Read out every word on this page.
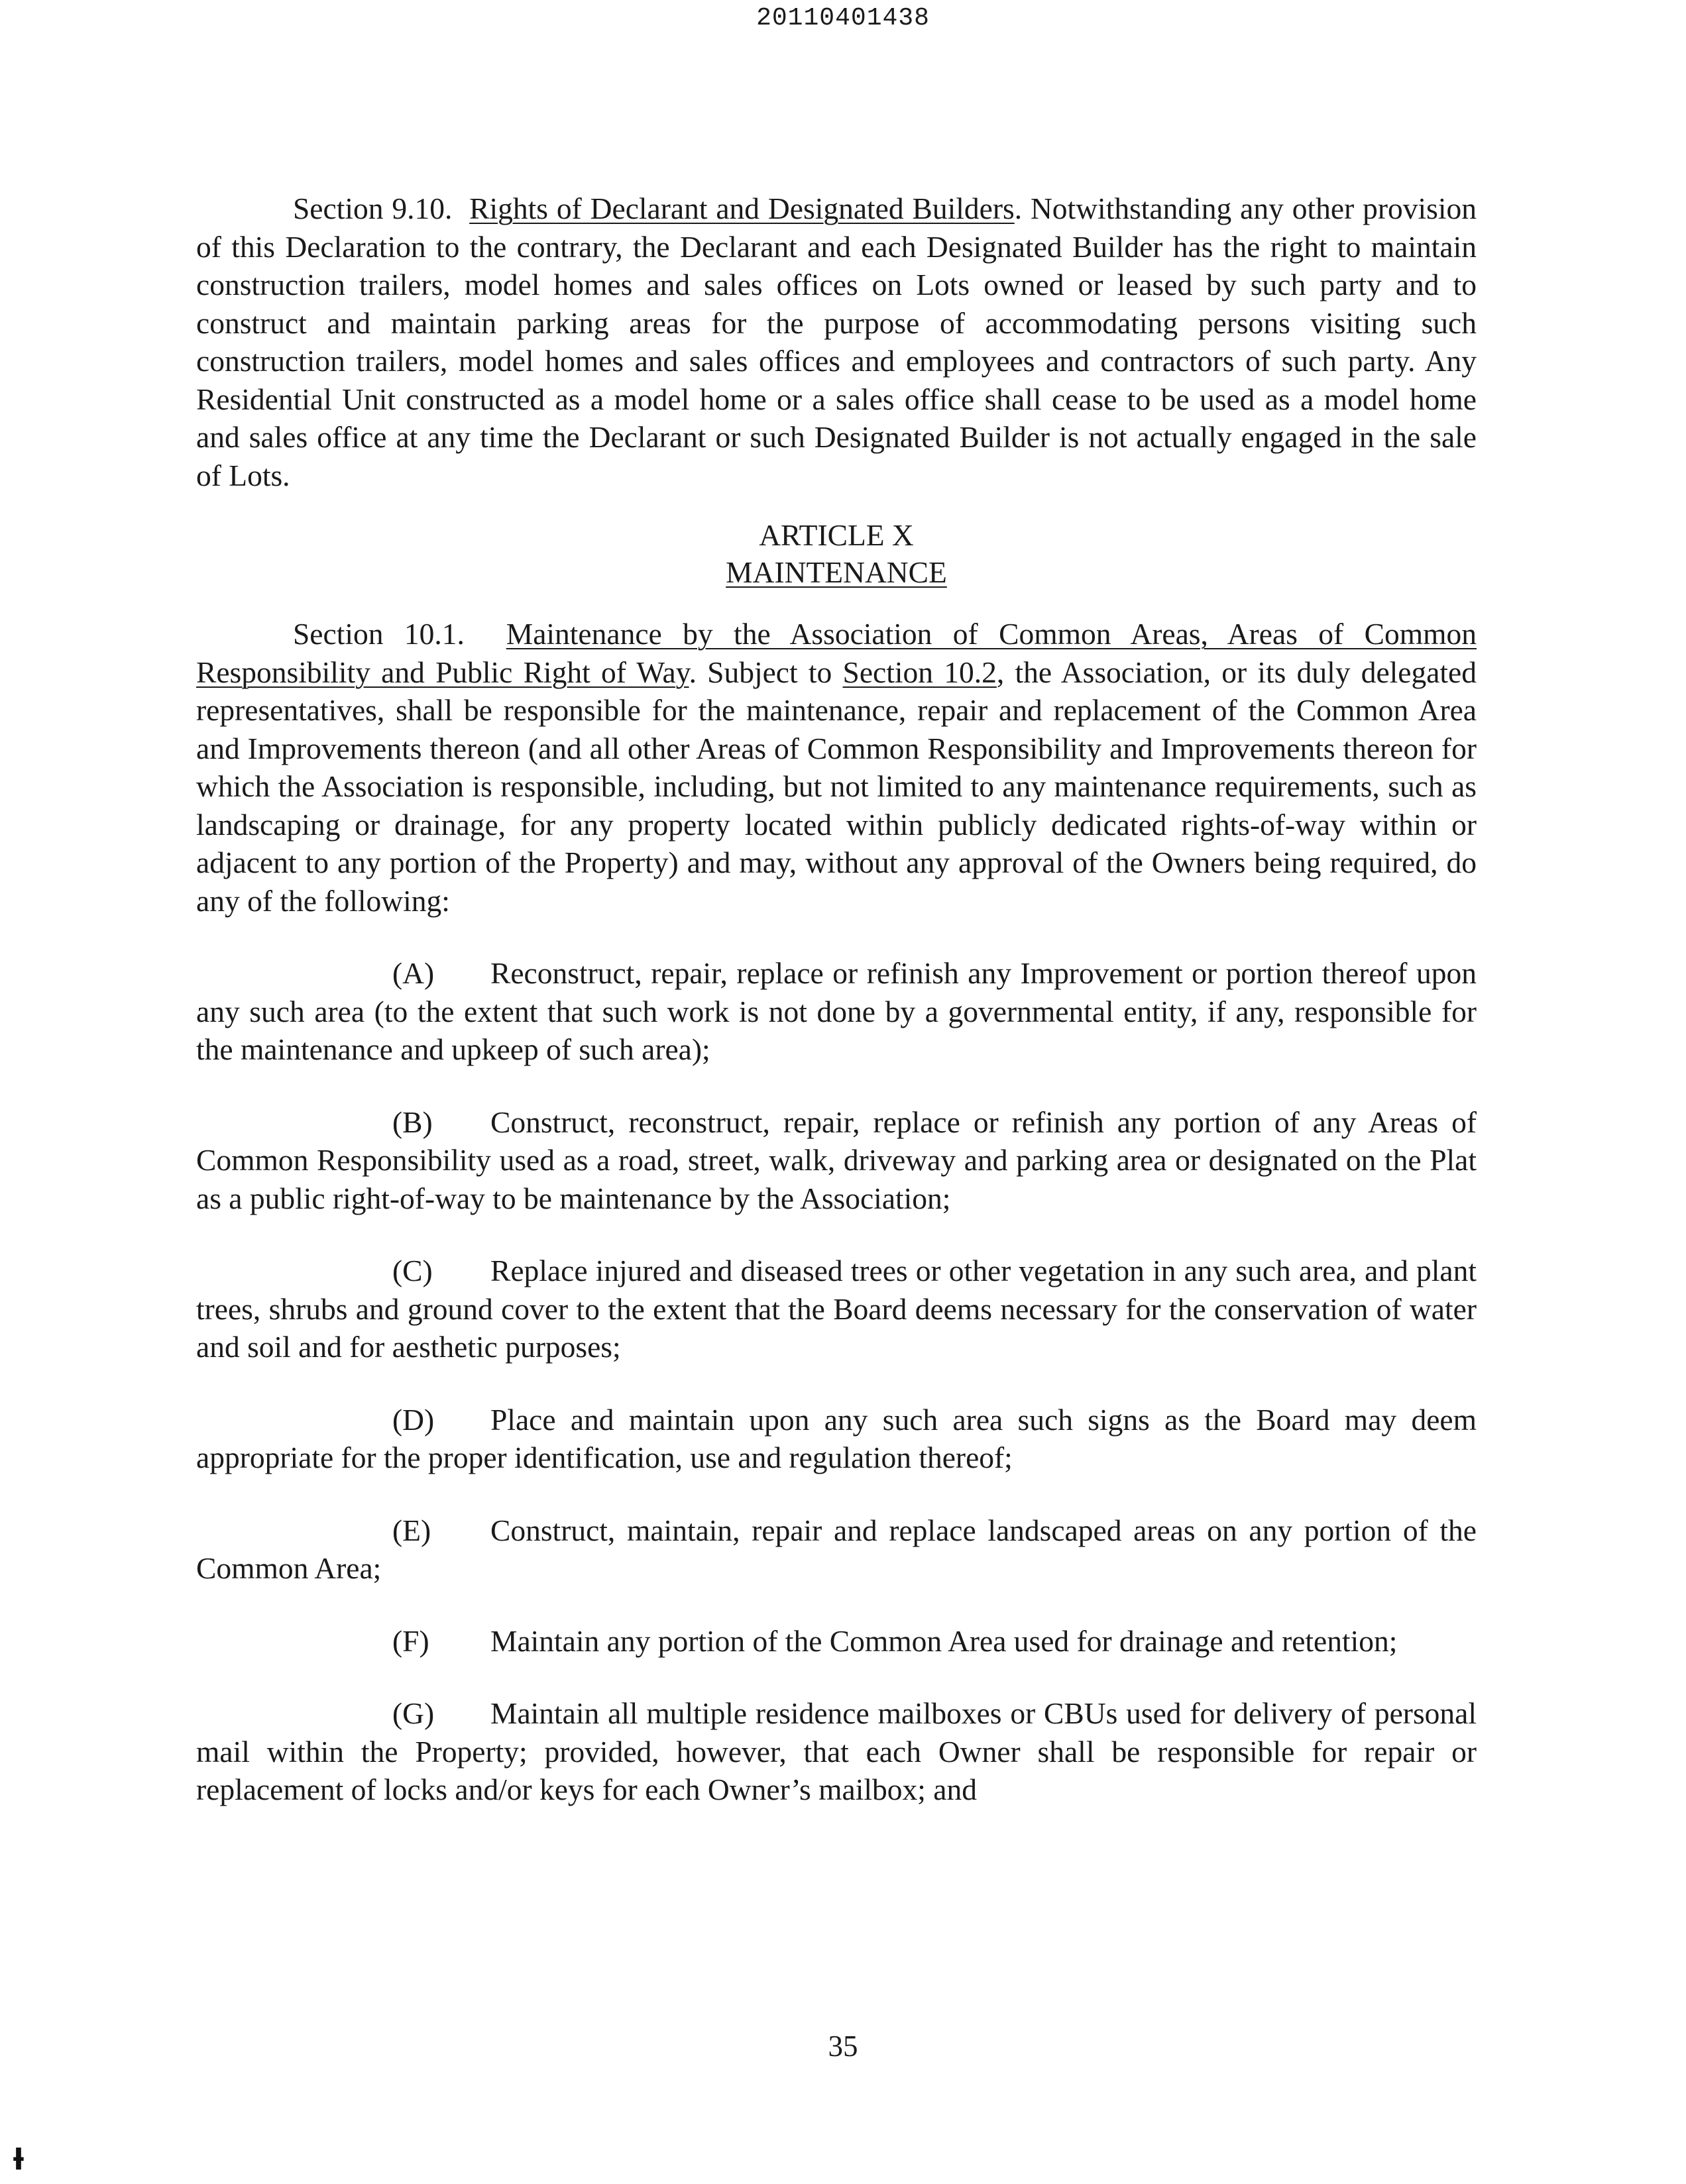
20110401438

Section 9.10. Rights of Declarant and Designated Builders. Notwithstanding any other provision of this Declaration to the contrary, the Declarant and each Designated Builder has the right to maintain construction trailers, model homes and sales offices on Lots owned or leased by such party and to construct and maintain parking areas for the purpose of accommodating persons visiting such construction trailers, model homes and sales offices and employees and contractors of such party. Any Residential Unit constructed as a model home or a sales office shall cease to be used as a model home and sales office at any time the Declarant or such Designated Builder is not actually engaged in the sale of Lots.

ARTICLE X
MAINTENANCE

Section 10.1. Maintenance by the Association of Common Areas, Areas of Common Responsibility and Public Right of Way. Subject to Section 10.2, the Association, or its duly delegated representatives, shall be responsible for the maintenance, repair and replacement of the Common Area and Improvements thereon (and all other Areas of Common Responsibility and Improvements thereon for which the Association is responsible, including, but not limited to any maintenance requirements, such as landscaping or drainage, for any property located within publicly dedicated rights-of-way within or adjacent to any portion of the Property) and may, without any approval of the Owners being required, do any of the following:

(A) Reconstruct, repair, replace or refinish any Improvement or portion thereof upon any such area (to the extent that such work is not done by a governmental entity, if any, responsible for the maintenance and upkeep of such area);

(B) Construct, reconstruct, repair, replace or refinish any portion of any Areas of Common Responsibility used as a road, street, walk, driveway and parking area or designated on the Plat as a public right-of-way to be maintenance by the Association;

(C) Replace injured and diseased trees or other vegetation in any such area, and plant trees, shrubs and ground cover to the extent that the Board deems necessary for the conservation of water and soil and for aesthetic purposes;

(D) Place and maintain upon any such area such signs as the Board may deem appropriate for the proper identification, use and regulation thereof;

(E) Construct, maintain, repair and replace landscaped areas on any portion of the Common Area;

(F) Maintain any portion of the Common Area used for drainage and retention;

(G) Maintain all multiple residence mailboxes or CBUs used for delivery of personal mail within the Property; provided, however, that each Owner shall be responsible for repair or replacement of locks and/or keys for each Owner’s mailbox; and

35
ƚ
